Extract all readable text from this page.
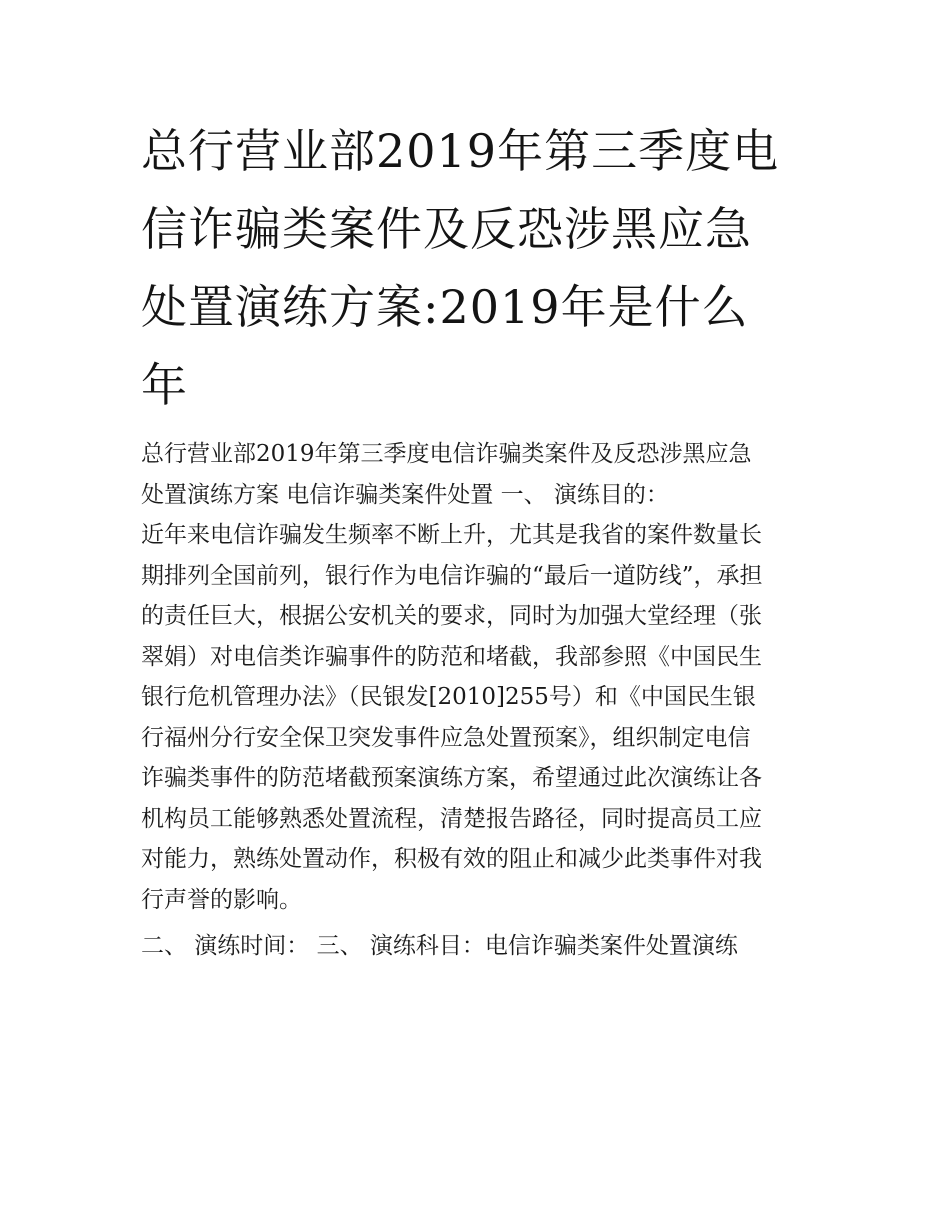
总行营业部2019年第三季度电
信诈骗类案件及反恐涉黑应急
处置演练方案:2019年是什么
年
总行营业部2019年第三季度电信诈骗类案件及反恐涉黑应急
处置演练方案 电信诈骗类案件处置 一、 演练目的：
近年来电信诈骗发生频率不断上升，尤其是我省的案件数量长
期排列全国前列，银行作为电信诈骗的“最后一道防线”，承担
的责任巨大，根据公安机关的要求，同时为加强大堂经理（张
翠娟）对电信类诈骗事件的防范和堵截，我部参照《中国民生
银行危机管理办法》（民银发[2010]255号）和《中国民生银
行福州分行安全保卫突发事件应急处置预案》，组织制定电信
诈骗类事件的防范堵截预案演练方案，希望通过此次演练让各
机构员工能够熟悉处置流程，清楚报告路径，同时提高员工应
对能力，熟练处置动作，积极有效的阻止和减少此类事件对我
行声誉的影响。
二、 演练时间： 三、 演练科目：电信诈骗类案件处置演练
